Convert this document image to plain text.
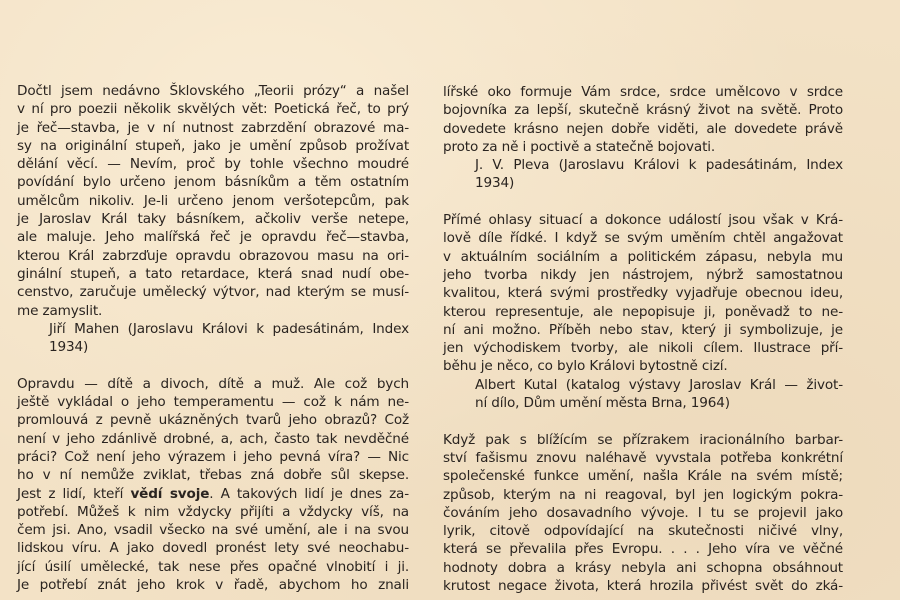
Dočtl jsem nedávno Šklovského „Teorii prózy“ a našel
v ní pro poezii několik skvělých vět: Poetická řeč, to prý
je řeč—stavba, je v ní nutnost zabrzdění obrazové ma-
sy na originální stupeň, jako je umění způsob prožívat
dělání věcí. — Nevím, proč by tohle všechno moudré
povídání bylo určeno jenom básníkům a těm ostatním
umělcům nikoliv. Je-li určeno jenom veršotepcům, pak
je Jaroslav Král taky básníkem, ačkoliv verše netepe,
ale maluje. Jeho malířská řeč je opravdu řeč—stavba,
kterou Král zabrzďuje opravdu obrazovou masu na ori-
ginální stupeň, a tato retardace, která snad nudí obe-
censtvo, zaručuje umělecký výtvor, nad kterým se musí-
me zamyslit.
Jiří Mahen (Jaroslavu Královi k padesátinám, Index
1934)
Opravdu — dítě a divoch, dítě a muž. Ale což bych
ještě vykládal o jeho temperamentu — což k nám ne-
promlouvá z pevně ukázněných tvarů jeho obrazů? Což
není v jeho zdánlivě drobné, a, ach, často tak nevděčné
práci? Což není jeho výrazem i jeho pevná víra? — Nic
ho v ní nemůže zviklat, třebas zná dobře sůl skepse.
Jest z lidí, kteří vědí svoje. A takových lidí je dnes za-
potřebí. Můžeš k nim vždycky přijíti a vždycky víš, na
čem jsi. Ano, vsadil všecko na své umění, ale i na svou
lidskou víru. A jako dovedl pronést lety své neochabu-
jící úsilí umělecké, tak nese přes opačné vlnobití i ji.
Je potřebí znát jeho krok v řadě, abychom ho znali
lířské oko formuje Vám srdce, srdce umělcovo v srdce
bojovníka za lepší, skutečně krásný život na světě. Proto
dovedete krásno nejen dobře viděti, ale dovedete právě
proto za ně i poctivě a statečně bojovati.
J. V. Pleva (Jaroslavu Královi k padesátinám, Index
1934)
Přímé ohlasy situací a dokonce událostí jsou však v Krá-
lově díle řídké. I když se svým uměním chtěl angažovat
v aktuálním sociálním a politickém zápasu, nebyla mu
jeho tvorba nikdy jen nástrojem, nýbrž samostatnou
kvalitou, která svými prostředky vyjadřuje obecnou ideu,
kterou representuje, ale nepopisuje ji, poněvadž to ne-
ní ani možno. Příběh nebo stav, který ji symbolizuje, je
jen východiskem tvorby, ale nikoli cílem. Ilustrace pří-
běhu je něco, co bylo Královi bytostně cizí.
Albert Kutal (katalog výstavy Jaroslav Král — život-
ní dílo, Dům umění města Brna, 1964)
Když pak s blížícím se přízrakem iracionálního barbar-
ství fašismu znovu naléhavě vyvstala potřeba konkrétní
společenské funkce umění, našla Krále na svém místě;
způsob, kterým na ni reagoval, byl jen logickým pokra-
čováním jeho dosavadního vývoje. I tu se projevil jako
lyrik, citově odpovídající na skutečnosti ničivé vlny,
která se převalila přes Evropu. . . . Jeho víra ve věčné
hodnoty dobra a krásy nebyla ani schopna obsáhnout
krutost negace života, která hrozila přivést svět do zká-
